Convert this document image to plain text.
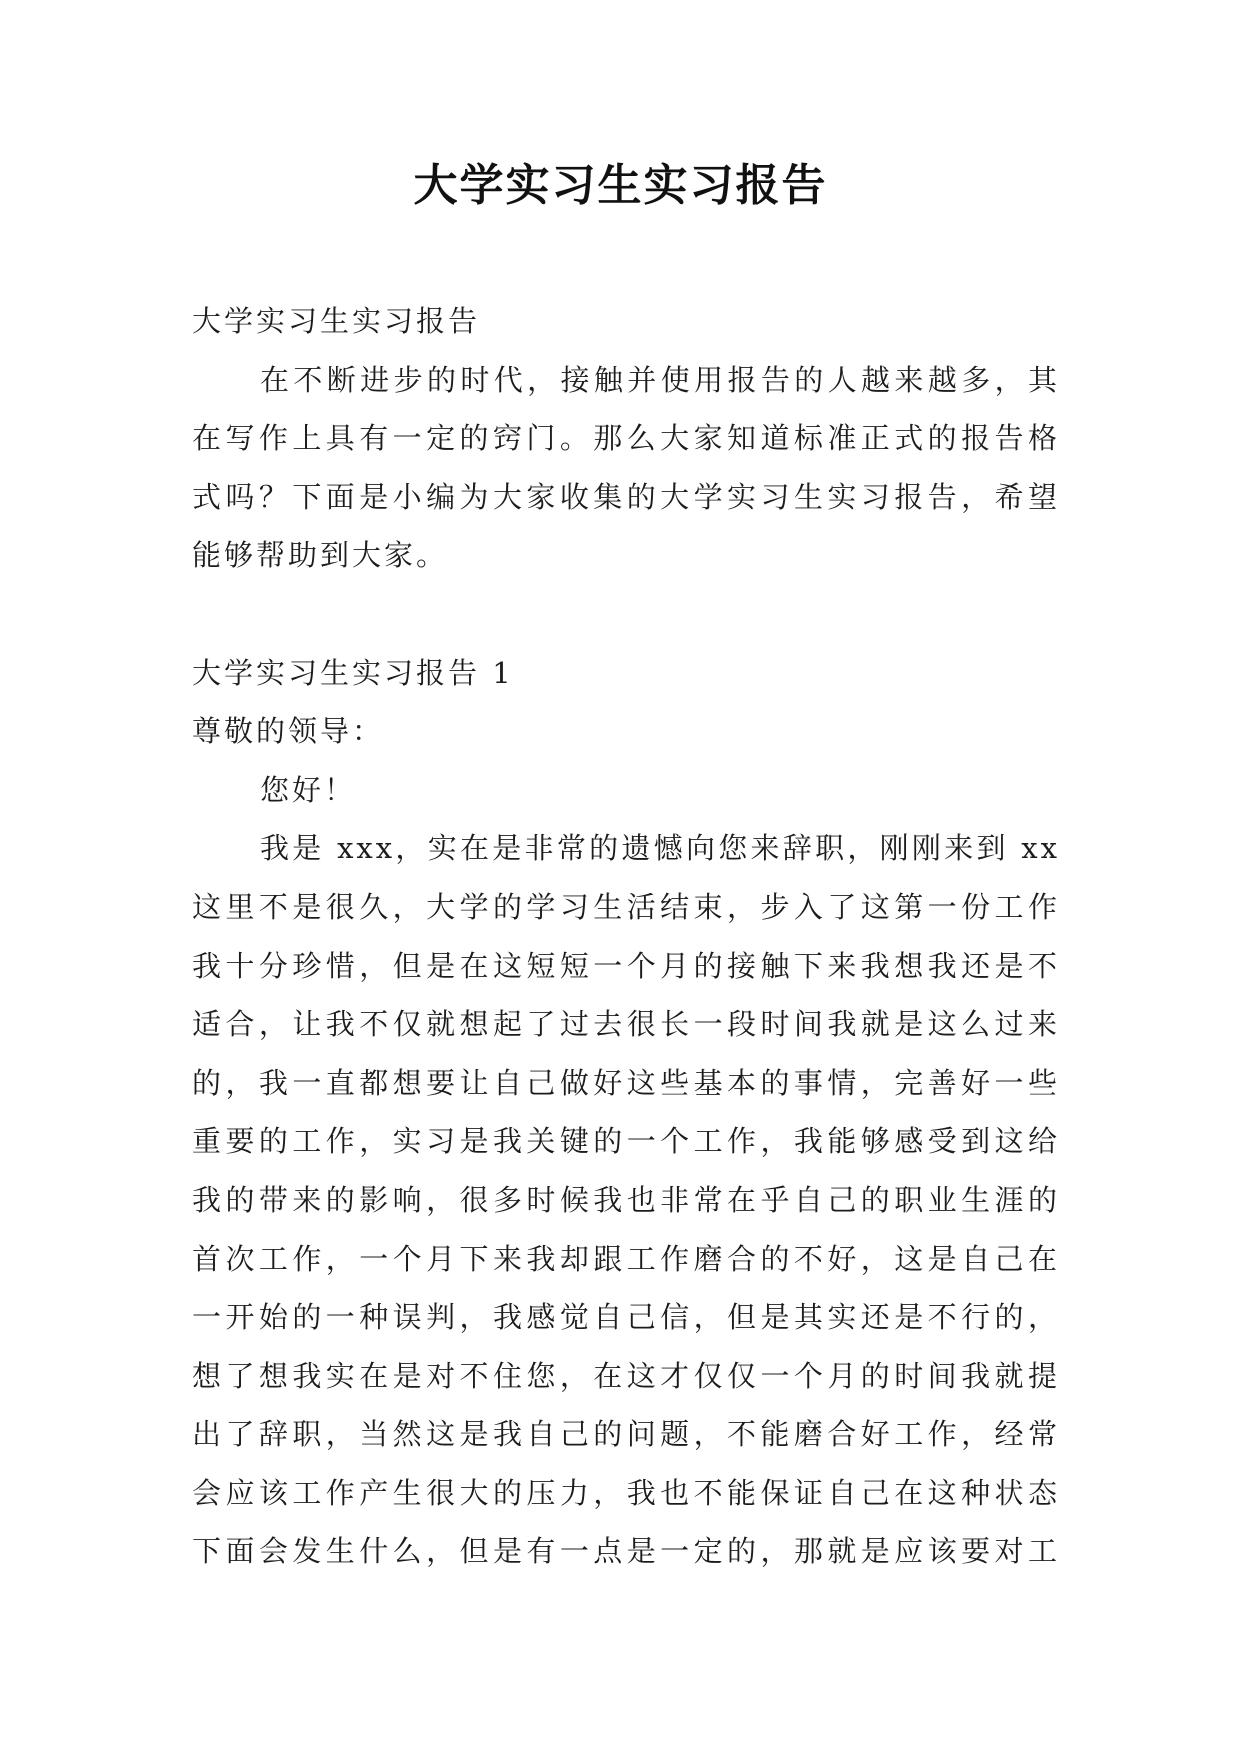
大学实习生实习报告
大学实习生实习报告
在不断进步的时代，接触并使用报告的人越来越多，其
在写作上具有一定的窍门。那么大家知道标准正式的报告格
式吗？下面是小编为大家收集的大学实习生实习报告，希望
能够帮助到大家。
大学实习生实习报告 1
尊敬的领导：
您好！
我是 xxx，实在是非常的遗憾向您来辞职，刚刚来到 xx
这里不是很久，大学的学习生活结束，步入了这第一份工作
我十分珍惜，但是在这短短一个月的接触下来我想我还是不
适合，让我不仅就想起了过去很长一段时间我就是这么过来
的，我一直都想要让自己做好这些基本的事情，完善好一些
重要的工作，实习是我关键的一个工作，我能够感受到这给
我的带来的影响，很多时候我也非常在乎自己的职业生涯的
首次工作，一个月下来我却跟工作磨合的不好，这是自己在
一开始的一种误判，我感觉自己信，但是其实还是不行的，
想了想我实在是对不住您，在这才仅仅一个月的时间我就提
出了辞职，当然这是我自己的问题，不能磨合好工作，经常
会应该工作产生很大的压力，我也不能保证自己在这种状态
下面会发生什么，但是有一点是一定的，那就是应该要对工
